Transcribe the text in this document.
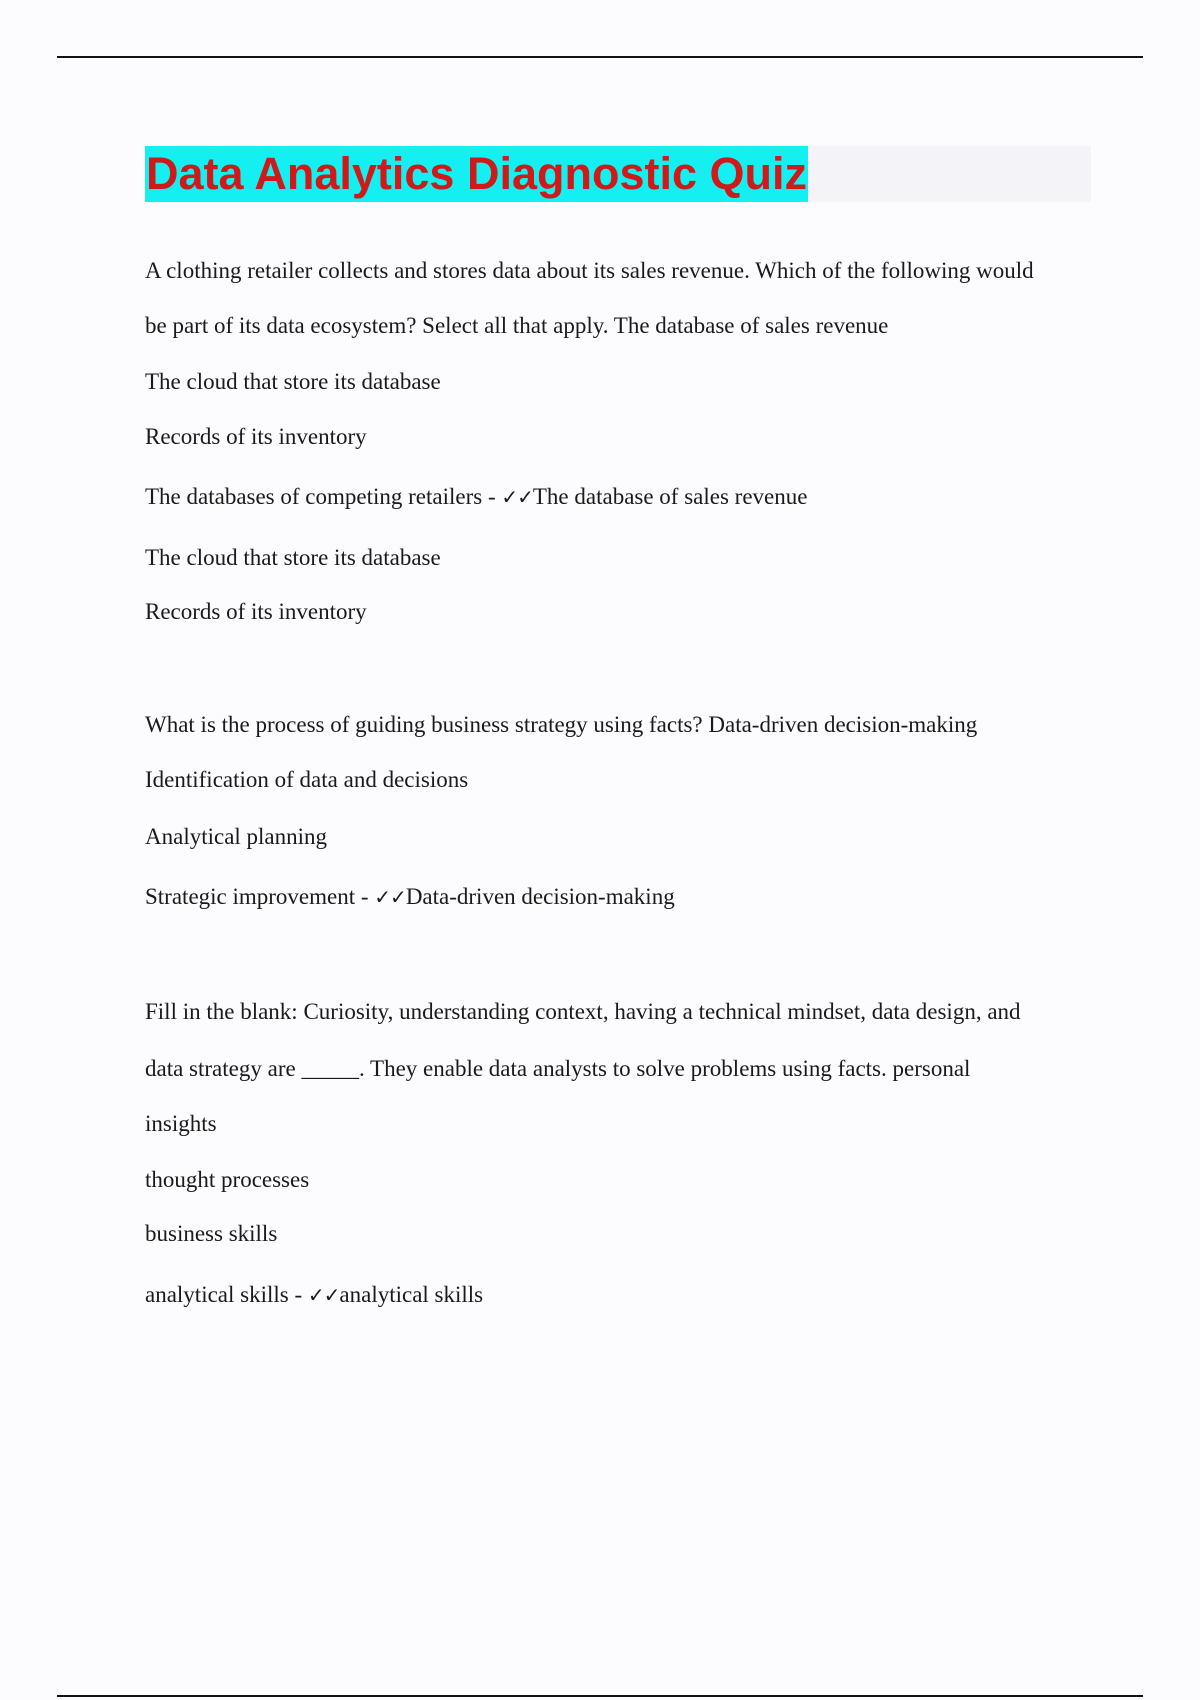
Data Analytics Diagnostic Quiz
A clothing retailer collects and stores data about its sales revenue. Which of the following would
be part of its data ecosystem? Select all that apply. The database of sales revenue
The cloud that store its database
Records of its inventory
The databases of competing retailers - ✓✓The database of sales revenue
The cloud that store its database
Records of its inventory
What is the process of guiding business strategy using facts? Data-driven decision-making
Identification of data and decisions
Analytical planning
Strategic improvement - ✓✓Data-driven decision-making
Fill in the blank: Curiosity, understanding context, having a technical mindset, data design, and
data strategy are _____. They enable data analysts to solve problems using facts. personal
insights
thought processes
business skills
analytical skills - ✓✓analytical skills
